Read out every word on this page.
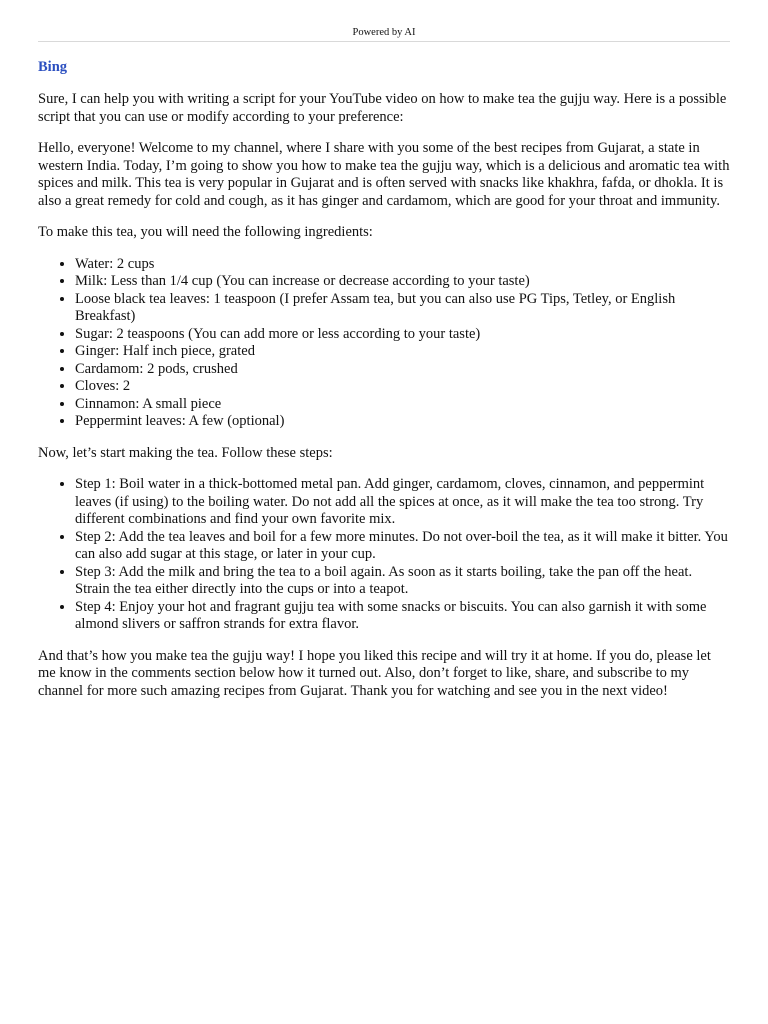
Powered by AI
Bing

Sure, I can help you with writing a script for your YouTube video on how to make tea the gujju way. Here is a possible script that you can use or modify according to your preference:

Hello, everyone! Welcome to my channel, where I share with you some of the best recipes from Gujarat, a state in western India. Today, I’m going to show you how to make tea the gujju way, which is a delicious and aromatic tea with spices and milk. This tea is very popular in Gujarat and is often served with snacks like khakhra, fafda, or dhokla. It is also a great remedy for cold and cough, as it has ginger and cardamom, which are good for your throat and immunity.

To make this tea, you will need the following ingredients:

• Water: 2 cups
• Milk: Less than 1/4 cup (You can increase or decrease according to your taste)
• Loose black tea leaves: 1 teaspoon (I prefer Assam tea, but you can also use PG Tips, Tetley, or English Breakfast)
• Sugar: 2 teaspoons (You can add more or less according to your taste)
• Ginger: Half inch piece, grated
• Cardamom: 2 pods, crushed
• Cloves: 2
• Cinnamon: A small piece
• Peppermint leaves: A few (optional)

Now, let’s start making the tea. Follow these steps:

• Step 1: Boil water in a thick-bottomed metal pan. Add ginger, cardamom, cloves, cinnamon, and peppermint leaves (if using) to the boiling water. Do not add all the spices at once, as it will make the tea too strong. Try different combinations and find your own favorite mix.
• Step 2: Add the tea leaves and boil for a few more minutes. Do not over-boil the tea, as it will make it bitter. You can also add sugar at this stage, or later in your cup.
• Step 3: Add the milk and bring the tea to a boil again. As soon as it starts boiling, take the pan off the heat. Strain the tea either directly into the cups or into a teapot.
• Step 4: Enjoy your hot and fragrant gujju tea with some snacks or biscuits. You can also garnish it with some almond slivers or saffron strands for extra flavor.

And that’s how you make tea the gujju way! I hope you liked this recipe and will try it at home. If you do, please let me know in the comments section below how it turned out. Also, don’t forget to like, share, and subscribe to my channel for more such amazing recipes from Gujarat. Thank you for watching and see you in the next video!
